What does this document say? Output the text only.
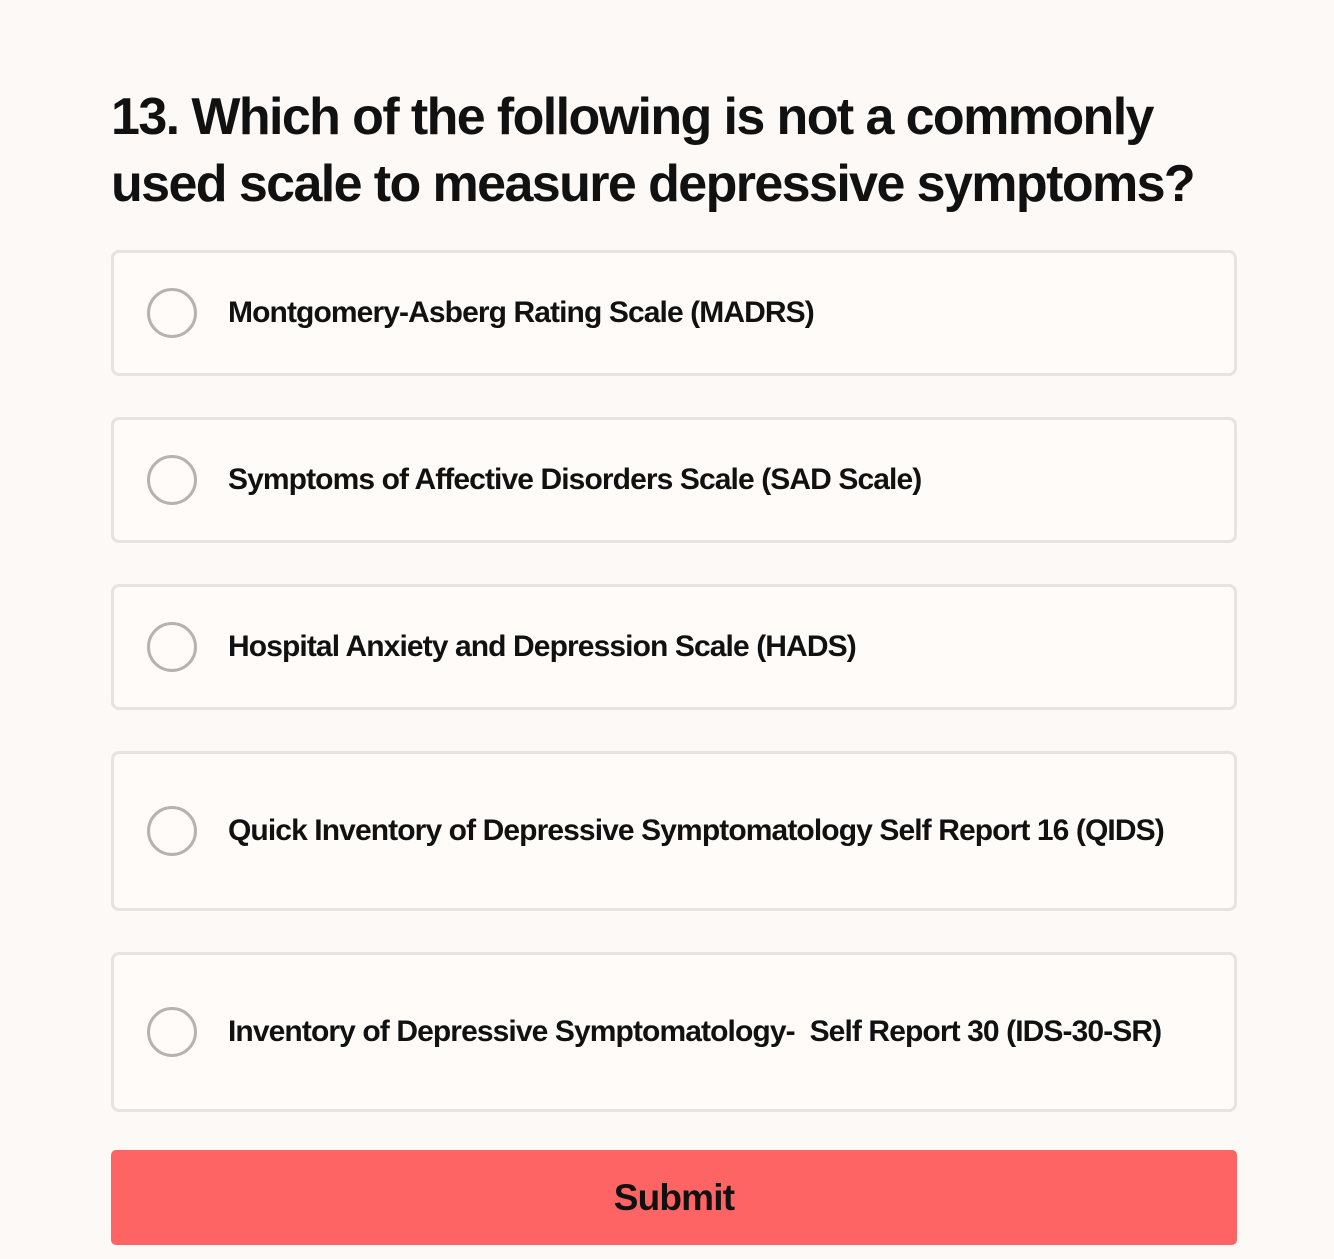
13. Which of the following is not a commonly used scale to measure depressive symptoms?
Montgomery-Asberg Rating Scale (MADRS)
Symptoms of Affective Disorders Scale (SAD Scale)
Hospital Anxiety and Depression Scale (HADS)
Quick Inventory of Depressive Symptomatology Self Report 16 (QIDS)
Inventory of Depressive Symptomatology-  Self Report 30 (IDS-30-SR)
Submit
